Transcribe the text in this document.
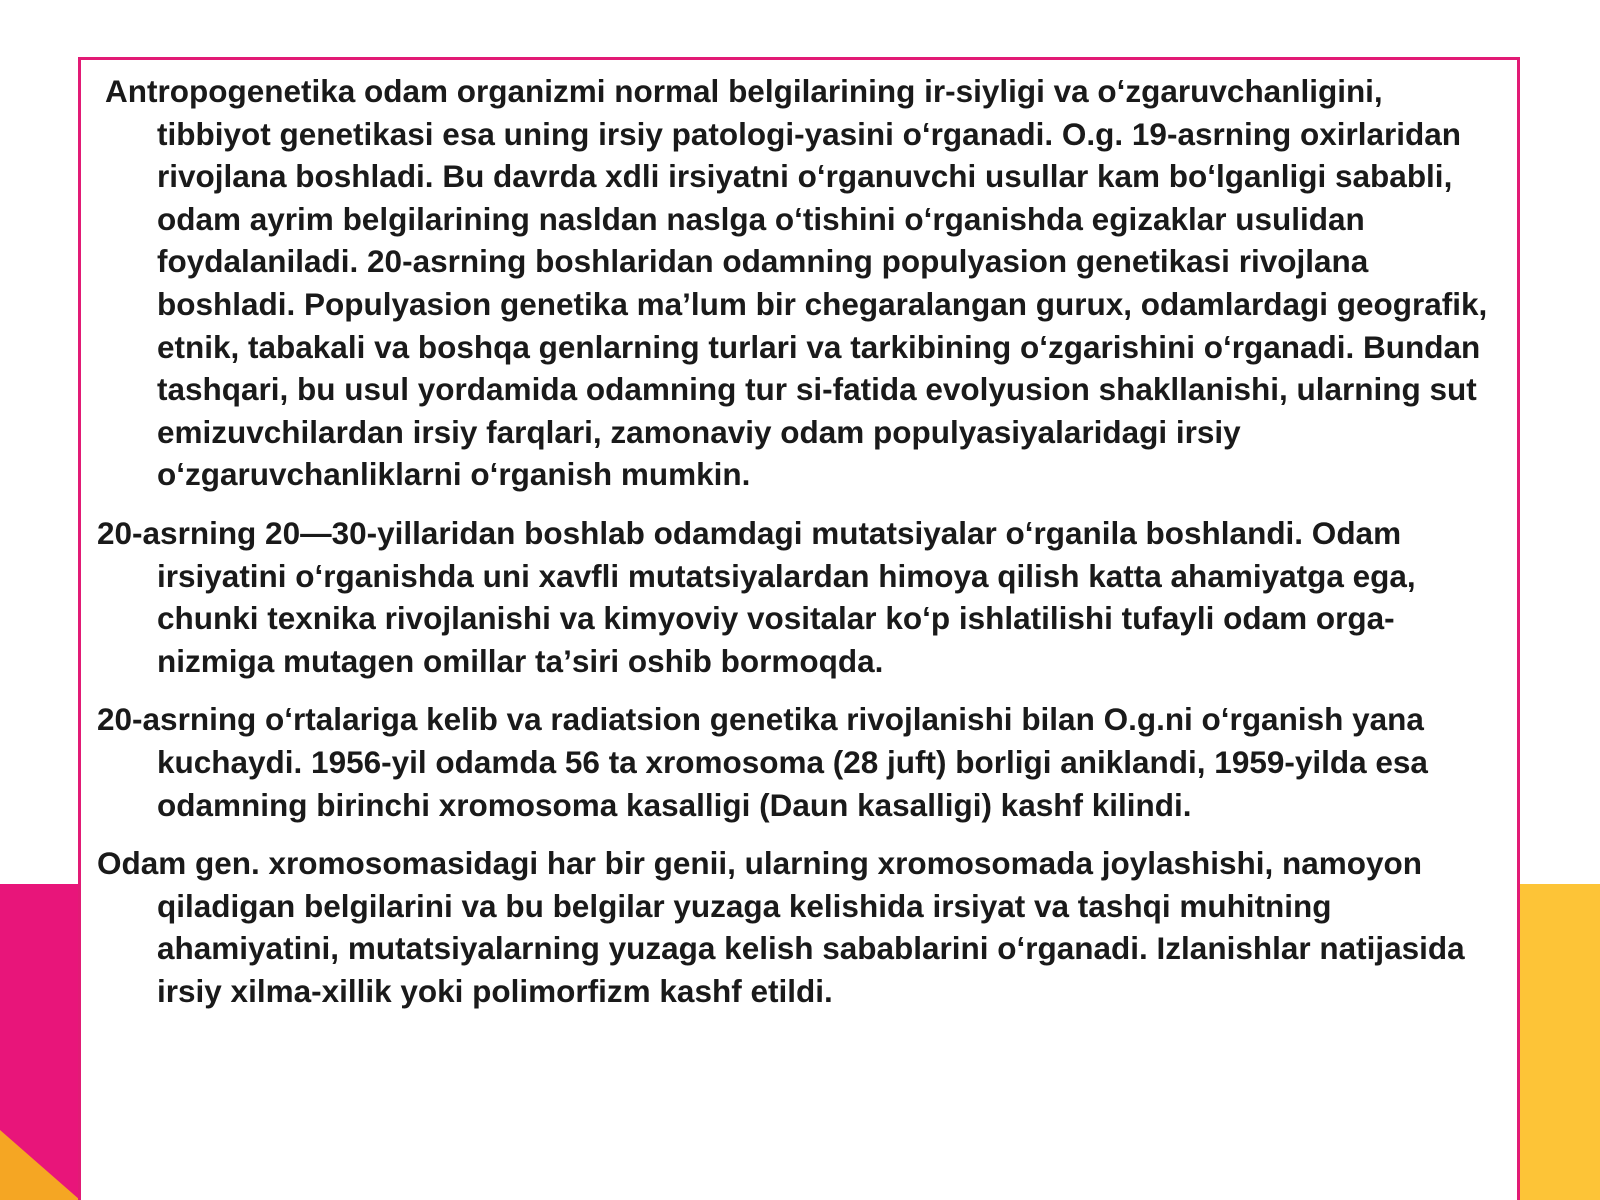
Antropogenetika odam organizmi normal belgilarining ir-siyligi va oʻzgaruvchanligini, tibbiyot genetikasi esa uning irsiy patologi-yasini oʻrganadi. O.g. 19-asrning oxirlaridan rivojlana boshladi. Bu davrda xdli irsiyatni oʻrganuvchi usullar kam boʻlganligi sababli, odam ayrim belgilarining nasldan naslga oʻtishini oʻrganishda egizaklar usulidan foydalaniladi. 20-asrning boshlaridan odamning populyasion genetikasi rivojlana boshladi. Populyasion genetika maʼlum bir chegaralangan gurux, odamlardagi geografik, etnik, tabakali va boshqa genlarning turlari va tarkibining oʻzgarishini oʻrganadi. Bundan tashqari, bu usul yordamida odamning tur si-fatida evolyusion shakllanishi, ularning sut emizuvchilardan irsiy farqlari, zamonaviy odam populyasiyalaridagi irsiy oʻzgaruvchanliklarni oʻrganish mumkin.

20-asrning 20—30-yillaridan boshlab odamdagi mutatsiyalar oʻrganila boshlandi. Odam irsiyatini oʻrganishda uni xavfli mutatsiyalardan himoya qilish katta ahamiyatga ega, chunki texnika rivojlanishi va kimyoviy vositalar koʻp ishlatilishi tufayli odam orga-nizmiga mutagen omillar taʼsiri oshib bormoqda.

20-asrning oʻrtalariga kelib va radiatsion genetika rivojlanishi bilan O.g.ni oʻrganish yana kuchaydi. 1956-yil odamda 56 ta xromosoma (28 juft) borligi aniklandi, 1959-yilda esa odamning birinchi xromosoma kasalligi (Daun kasalligi) kashf kilindi.

Odam gen. xromosomasidagi har bir genii, ularning xromosomada joylashishi, namoyon qiladigan belgilarini va bu belgilar yuzaga kelishida irsiyat va tashqi muhitning ahamiyatini, mutatsiyalarning yuzaga kelish sabablarini oʻrganadi. Izlanishlar natijasida irsiy xilma-xillik yoki polimorfizm kashf etildi.
